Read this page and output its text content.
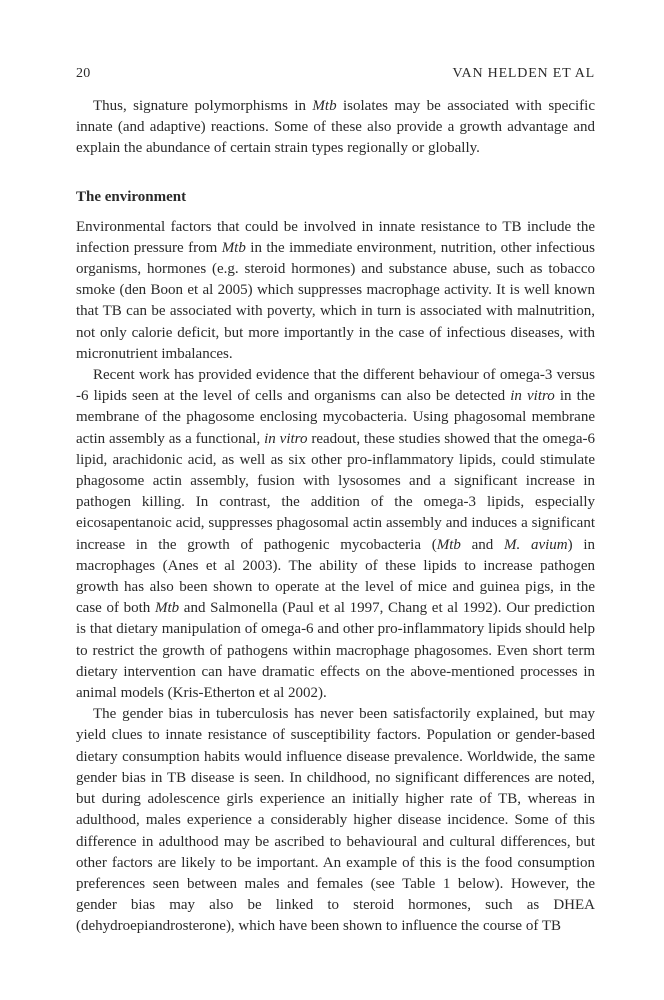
20	VAN HELDEN ET AL

Thus, signature polymorphisms in Mtb isolates may be associated with specific innate (and adaptive) reactions. Some of these also provide a growth advantage and explain the abundance of certain strain types regionally or globally.

The environment

Environmental factors that could be involved in innate resistance to TB include the infection pressure from Mtb in the immediate environment, nutrition, other infectious organisms, hormones (e.g. steroid hormones) and substance abuse, such as tobacco smoke (den Boon et al 2005) which suppresses macrophage activity. It is well known that TB can be associated with poverty, which in turn is associated with malnutrition, not only calorie deficit, but more importantly in the case of infectious diseases, with micronutrient imbalances.

Recent work has provided evidence that the different behaviour of omega-3 versus -6 lipids seen at the level of cells and organisms can also be detected in vitro in the membrane of the phagosome enclosing mycobacteria. Using phagosomal membrane actin assembly as a functional, in vitro readout, these studies showed that the omega-6 lipid, arachidonic acid, as well as six other pro-inflammatory lipids, could stimulate phagosome actin assembly, fusion with lysosomes and a significant increase in pathogen killing. In contrast, the addition of the omega-3 lipids, especially eicosapentanoic acid, suppresses phagosomal actin assembly and induces a significant increase in the growth of pathogenic mycobacteria (Mtb and M. avium) in macrophages (Anes et al 2003). The ability of these lipids to increase pathogen growth has also been shown to operate at the level of mice and guinea pigs, in the case of both Mtb and Salmonella (Paul et al 1997, Chang et al 1992). Our prediction is that dietary manipulation of omega-6 and other pro-inflammatory lipids should help to restrict the growth of pathogens within macrophage phagosomes. Even short term dietary intervention can have dramatic effects on the above-mentioned processes in animal models (Kris-Etherton et al 2002).

The gender bias in tuberculosis has never been satisfactorily explained, but may yield clues to innate resistance of susceptibility factors. Population or gender-based dietary consumption habits would influence disease prevalence. Worldwide, the same gender bias in TB disease is seen. In childhood, no significant differences are noted, but during adolescence girls experience an initially higher rate of TB, whereas in adulthood, males experience a considerably higher disease incidence. Some of this difference in adulthood may be ascribed to behavioural and cultural differences, but other factors are likely to be important. An example of this is the food consumption preferences seen between males and females (see Table 1 below). However, the gender bias may also be linked to steroid hormones, such as DHEA (dehydroepiandrosterone), which have been shown to influence the course of TB
